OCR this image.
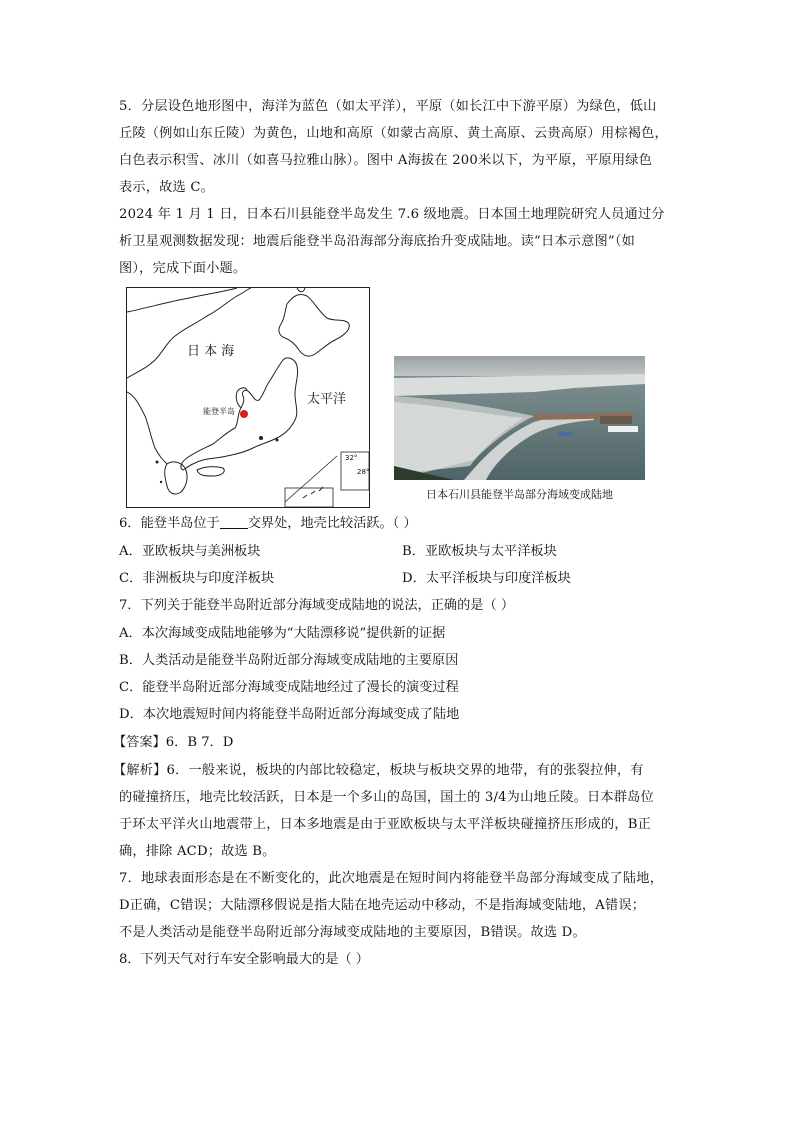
5．分层设色地形图中，海洋为蓝色（如太平洋），平原（如长江中下游平原）为绿色，低山

丘陵（例如山东丘陵）为黄色，山地和高原（如蒙古高原、黄土高原、云贵高原）用棕褐色，

白色表示积雪、冰川（如喜马拉雅山脉）。图中 A海拔在 200米以下，为平原，平原用绿色

表示，故选 C。

2024 年 1 月 1 日，日本石川县能登半岛发生 7.6 级地震。日本国土地理院研究人员通过分

析卫星观测数据发现：地震后能登半岛沿海部分海底抬升变成陆地。读“日本示意图”（如

图），完成下面小题。

日 本 海
太平洋
能登半岛
32°
28°
日本石川县能登半岛部分海域变成陆地
6．能登半岛位于 交界处，地壳比较活跃。（ ）
A．亚欧板块与美洲板块	B．亚欧板块与太平洋板块
C．非洲板块与印度洋板块	D．太平洋板块与印度洋板块
7．下列关于能登半岛附近部分海域变成陆地的说法，正确的是（ ）
A．本次海域变成陆地能够为“大陆漂移说”提供新的证据
B．人类活动是能登半岛附近部分海域变成陆地的主要原因
C．能登半岛附近部分海域变成陆地经过了漫长的演变过程
D．本次地震短时间内将能登半岛附近部分海域变成了陆地
【答案】6．B 7．D

【解析】6．一般来说，板块的内部比较稳定，板块与板块交界的地带，有的张裂拉伸，有

的碰撞挤压，地壳比较活跃，日本是一个多山的岛国，国土的 3/4为山地丘陵。日本群岛位

于环太平洋火山地震带上，日本多地震是由于亚欧板块与太平洋板块碰撞挤压形成的，B正

确，排除 ACD；故选 B。

7．地球表面形态是在不断变化的，此次地震是在短时间内将能登半岛部分海域变成了陆地，

D正确，C错误；大陆漂移假说是指大陆在地壳运动中移动，不是指海域变陆地，A错误；

不是人类活动是能登半岛附近部分海域变成陆地的主要原因，B错误。故选 D。

8．下列天气对行车安全影响最大的是（ ）
